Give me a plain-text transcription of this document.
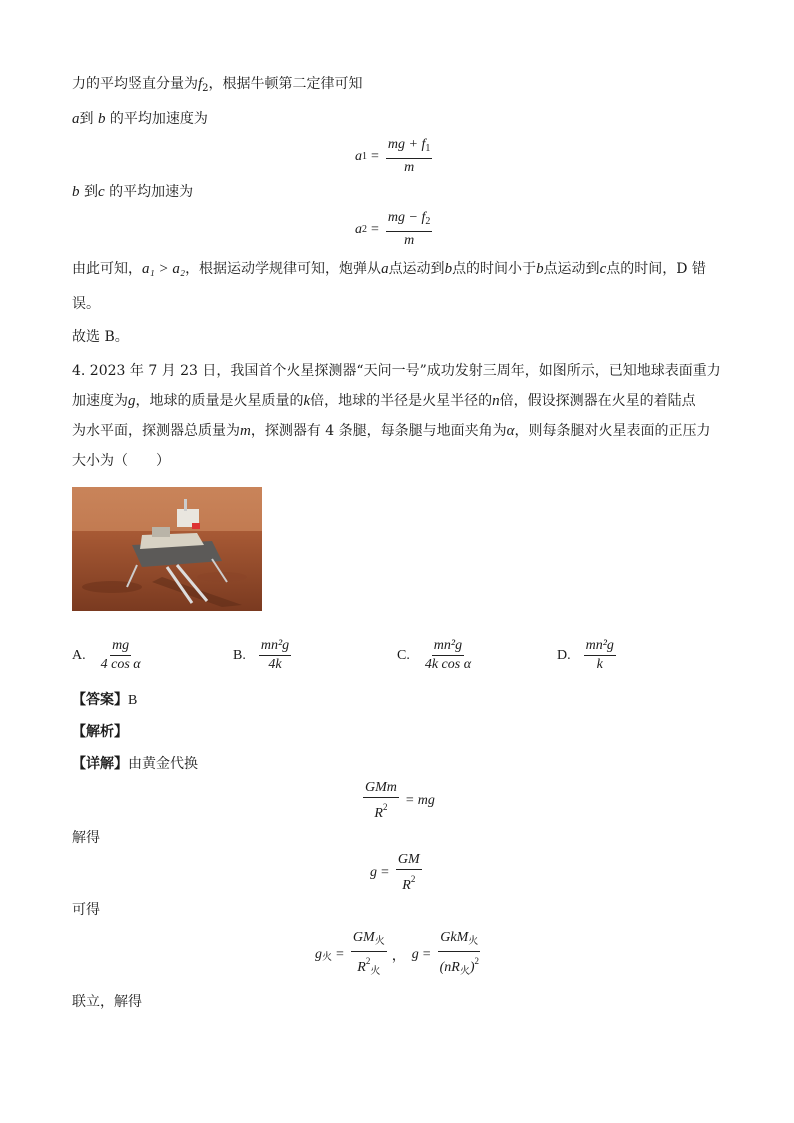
力的平均竖直分量为$f_2$，根据牛顿第二定律可知
a到 b 的平均加速度为
a $1 = \frac{mg + f_1}{m}$
b 到c 的平均加速为
a $2 = \frac{mg - f_2}{m}$
由此可知，a₁ > a₂，根据运动学规律可知，炮弹从a点运动到b点的时间小于b点运动到c点的时间，D 错
误。
故选 B。
4. 2023 年 7 月 23 日，我国首个火星探测器“天问一号”成功发射三周年，如图所示，已知地球表面重力
加速度为g，地球的质量是火星质量的k倍，地球的半径是火星半径的n倍，假设探测器在火星的着陆点
为水平面，探测器总质量为m，探测器有 4 条腿，每条腿与地面夹角为α，则每条腿对火星表面的正压力
大小为（　　）
A. $\frac{mg}{\text{4 cos α}}$	B. $\frac{\text{mn²g}}{4k}$	C. $\frac{\text{mn²g}}{\text{4k cos α}}$	D. $\frac{\text{mn²g}}{k}$
【答案】B
【解析】
【详解】由黄金代换
$\frac{\text{GMm}}{R^2}$ = mg
解得
$g = \frac{GM}{R^2}$
可得
g 火 = $\frac{GM_火}{R^2_火}$ ， $g = \frac{GkM_火}{(nR_火)^2}$
联立，解得
